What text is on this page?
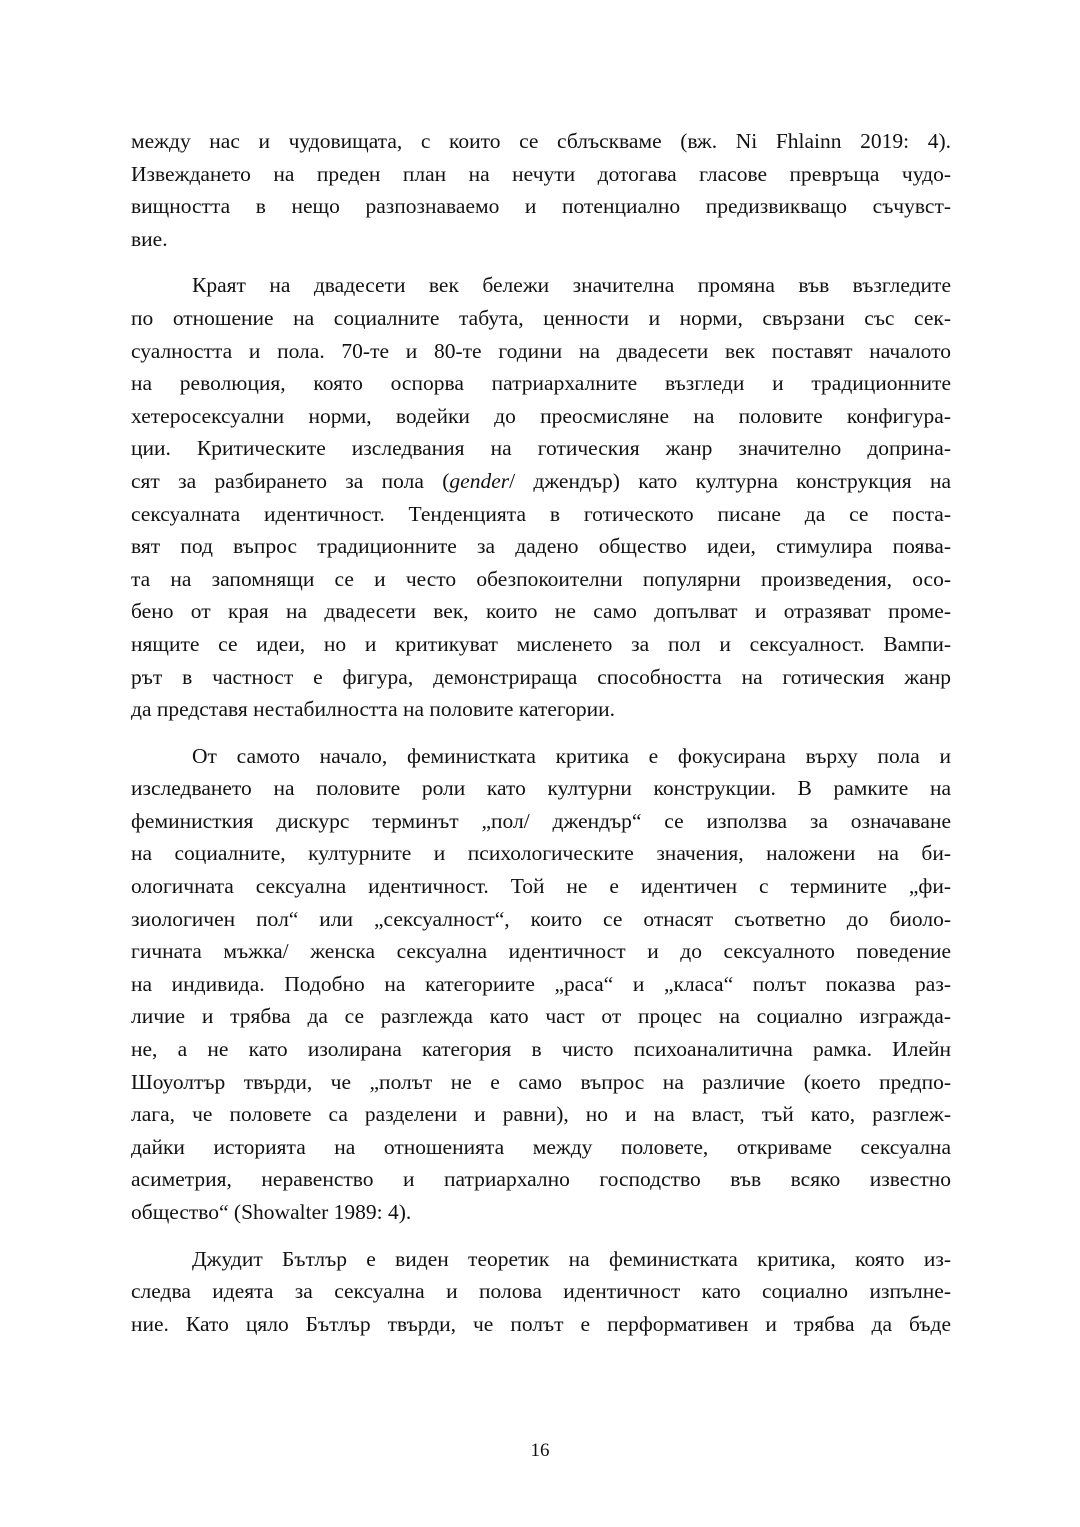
между нас и чудовищата, с които се сблъскваме (вж. Ni Fhlainn 2019: 4).
Извеждането на преден план на нечути дотогава гласове превръща чудо-
вищността в нещо разпознаваемо и потенциално предизвикващо съчувст-
вие.
Краят на двадесети век бележи значителна промяна във възгледите
по отношение на социалните табута, ценности и норми, свързани със сек-
суалността и пола. 70-те и 80-те години на двадесети век поставят началото
на революция, която оспорва патриархалните възгледи и традиционните
хетеросексуални норми, водейки до преосмисляне на половите конфигура-
ции. Критическите изследвания на готическия жанр значително доприна-
сят за разбирането за пола (gender/ джендър) като културна конструкция на
сексуалната идентичност. Тенденцията в готическото писане да се поста-
вят под въпрос традиционните за дадено общество идеи, стимулира поява-
та на запомнящи се и често обезпокоителни популярни произведения, осо-
бено от края на двадесети век, които не само допълват и отразяват проме-
нящите се идеи, но и критикуват мисленето за пол и сексуалност. Вампи-
рът в частност е фигура, демонстрираща способността на готическия жанр
да представя нестабилността на половите категории.
От самото начало, феминистката критика е фокусирана върху пола и
изследването на половите роли като културни конструкции. В рамките на
феминисткия дискурс терминът „пол/ джендър“ се използва за означаване
на социалните, културните и психологическите значения, наложени на би-
ологичната сексуална идентичност. Той не е идентичен с термините „фи-
зиологичен пол“ или „сексуалност“, които се отнасят съответно до биоло-
гичната мъжка/ женска сексуална идентичност и до сексуалното поведение
на индивида. Подобно на категориите „раса“ и „класа“ полът показва раз-
личие и трябва да се разглежда като част от процес на социално изгражда-
не, а не като изолирана категория в чисто психоаналитична рамка. Илейн
Шоуолтър твърди, че „полът не е само въпрос на различие (което предпо-
лага, че половете са разделени и равни), но и на власт, тъй като, разглеж-
дайки историята на отношенията между половете, откриваме сексуална
асиметрия, неравенство и патриархално господство във всяко известно
общество“ (Showalter 1989: 4).
Джудит Бътлър е виден теоретик на феминистката критика, която из-
следва идеята за сексуална и полова идентичност като социално изпълне-
ние. Като цяло Бътлър твърди, че полът е перформативен и трябва да бъде
16
